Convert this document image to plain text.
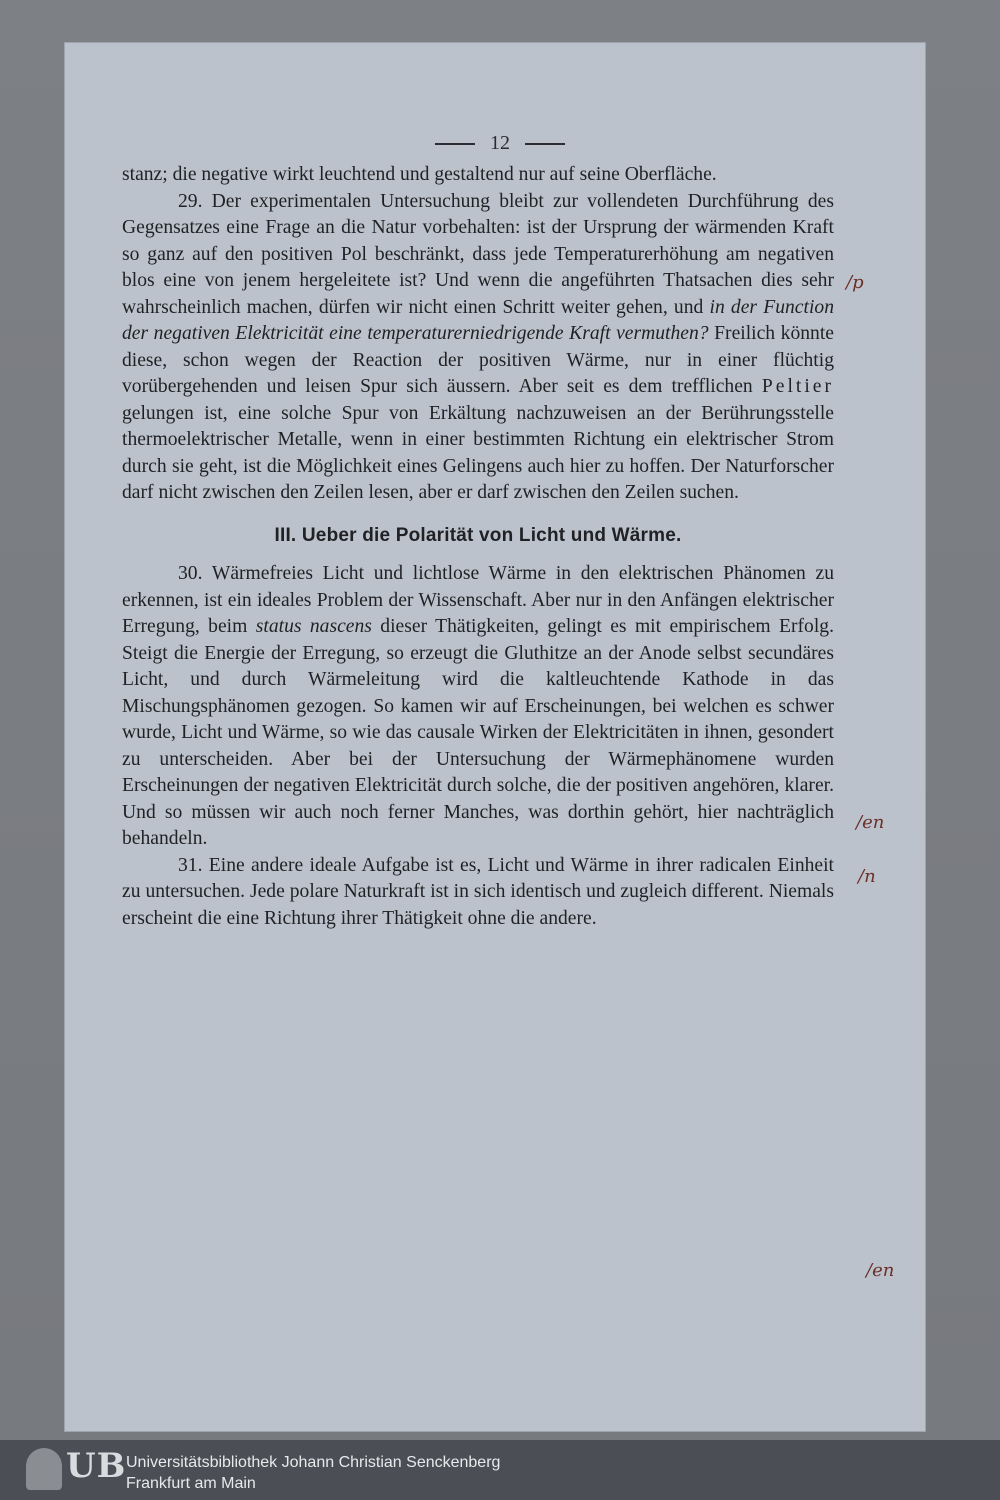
12

stanz; die negative wirkt leuchtend und gestaltend nur auf seine Oberfläche.

29. Der experimentalen Untersuchung bleibt zur vollendeten Durchführung des Gegensatzes eine Frage an die Natur vorbehalten: ist der Ursprung der wärmenden Kraft so ganz auf den positiven Pol beschränkt, dass jede Temperaturerhöhung am negativen blos eine von jenem hergeleitete ist? Und wenn die angeführten Thatsachen dies sehr wahrscheinlich machen, dürfen wir nicht einen Schritt weiter gehen, und in der Function der negativen Elektricität eine temperaturerniedrigende Kraft vermuthen? Freilich könnte diese, schon wegen der Reaction der positiven Wärme, nur in einer flüchtig vorübergehenden und leisen Spur sich äussern. Aber seit es dem trefflichen Peltier gelungen ist, eine solche Spur von Erkältung nachzuweisen an der Berührungsstelle thermoelektrischer Metalle, wenn in einer bestimmten Richtung ein elektrischer Strom durch sie geht, ist die Möglichkeit eines Gelingens auch hier zu hoffen. Der Naturforscher darf nicht zwischen den Zeilen lesen, aber er darf zwischen den Zeilen suchen.

III. Ueber die Polarität von Licht und Wärme.

30. Wärmefreies Licht und lichtlose Wärme in den elektrischen Phänomen zu erkennen, ist ein ideales Problem der Wissenschaft. Aber nur in den Anfängen elektrischer Erregung, beim status nascens dieser Thätigkeiten, gelingt es mit empirischem Erfolg. Steigt die Energie der Erregung, so erzeugt die Gluthitze an der Anode selbst secundäres Licht, und durch Wärmeleitung wird die kaltleuchtende Kathode in das Mischungsphänomen gezogen. So kamen wir auf Erscheinungen, bei welchen es schwer wurde, Licht und Wärme, so wie das causale Wirken der Elektricitäten in ihnen, gesondert zu unterscheiden. Aber bei der Untersuchung der Wärmephänomene wurden Erscheinungen der negativen Elektricität durch solche, die der positiven angehören, klarer. Und so müssen wir auch noch ferner Manches, was dorthin gehört, hier nachträglich behandeln.

31. Eine andere ideale Aufgabe ist es, Licht und Wärme in ihrer radicalen Einheit zu untersuchen. Jede polare Naturkraft ist in sich identisch und zugleich different. Niemals erscheint die eine Richtung ihrer Thätigkeit ohne die andere.

/p
/en
/n
/en
UB Universitätsbibliothek Johann Christian Senckenberg
Frankfurt am Main
